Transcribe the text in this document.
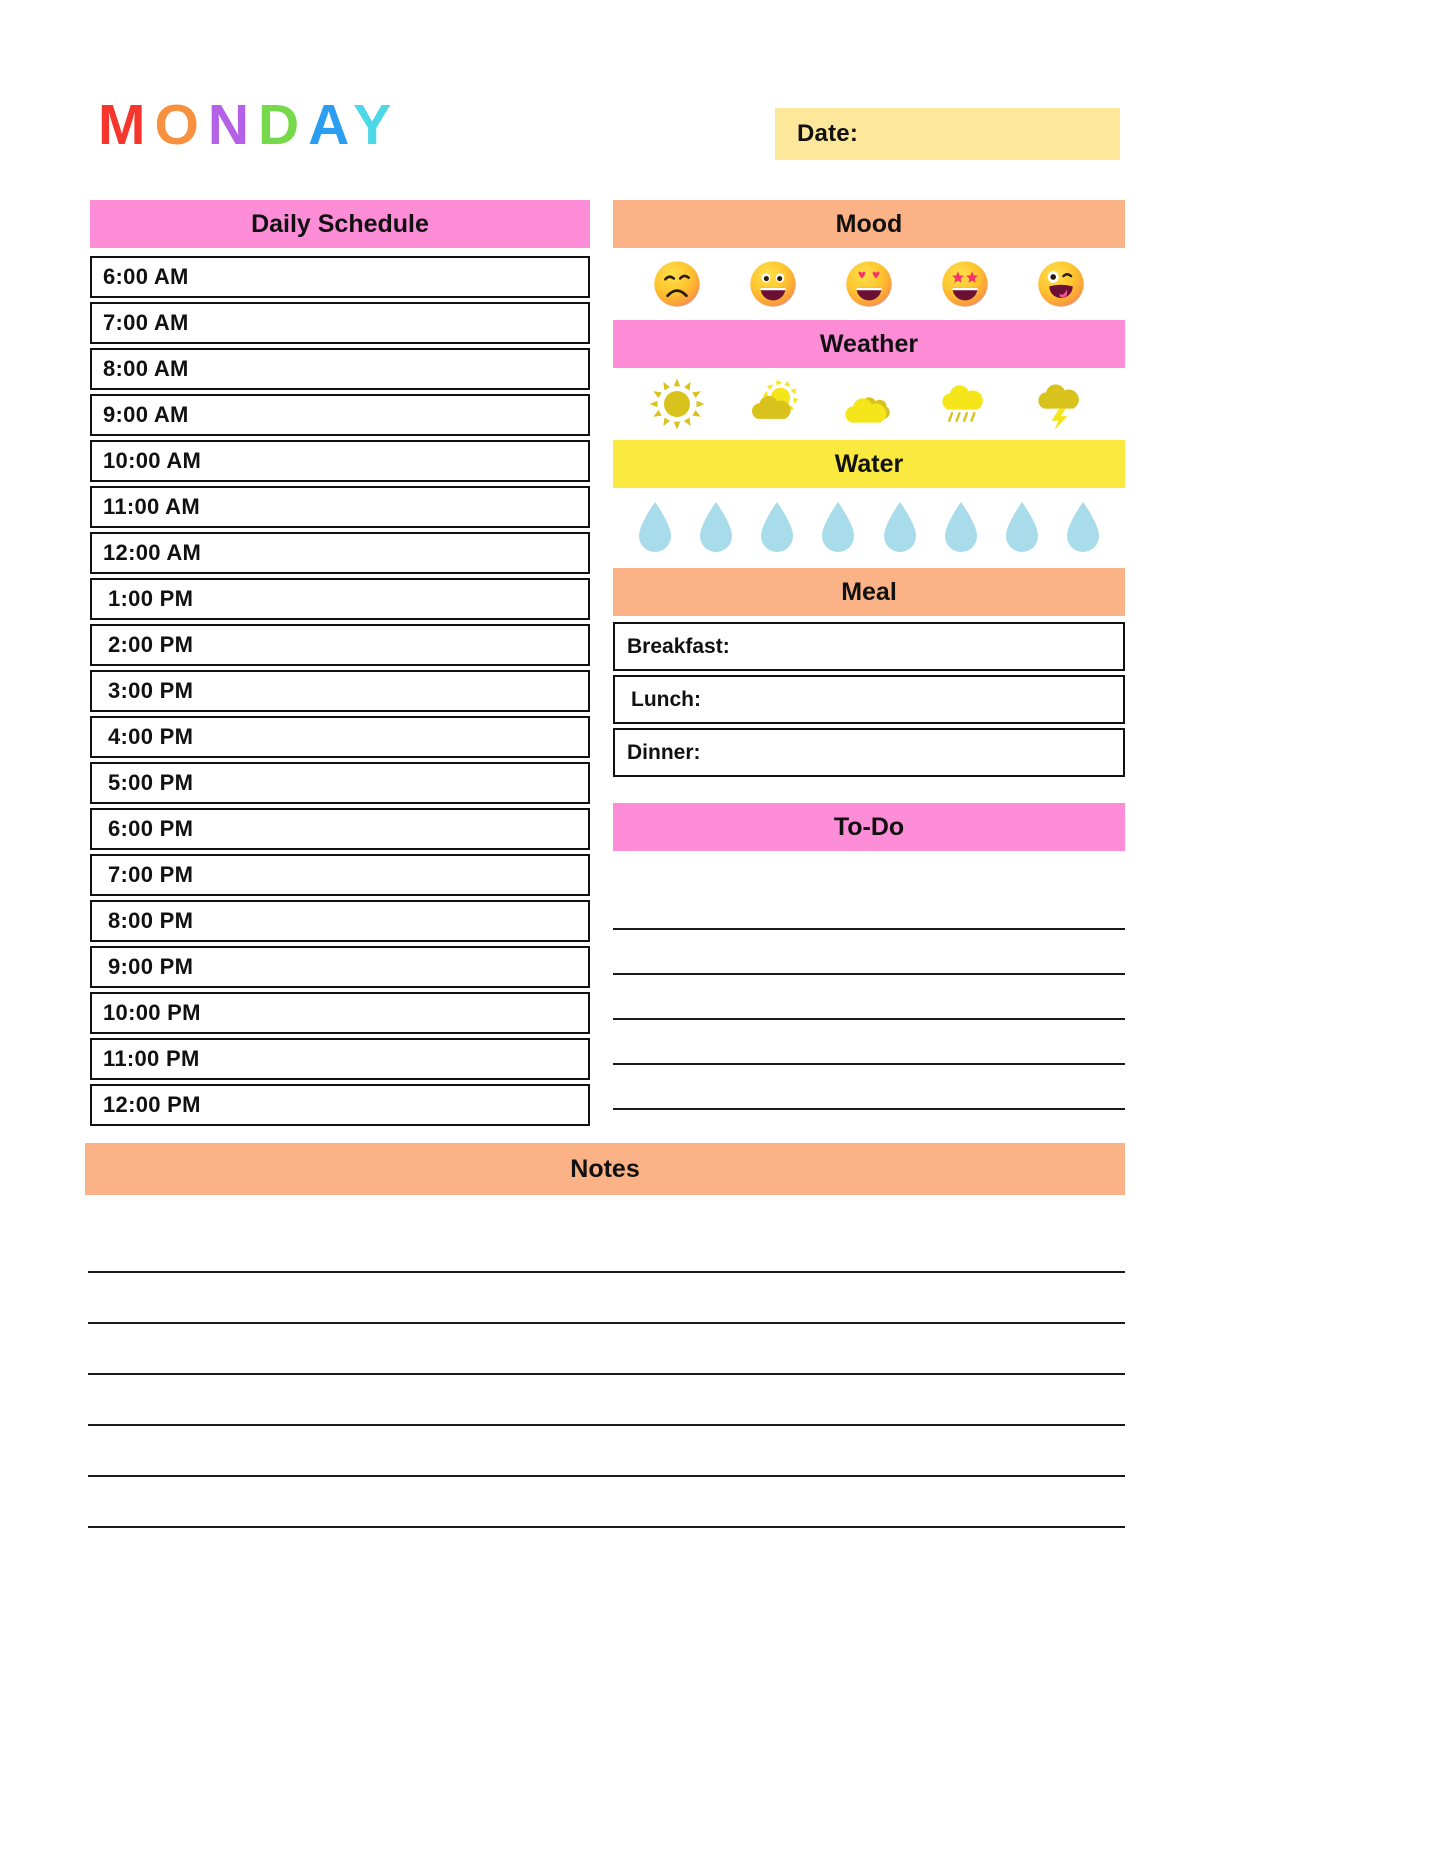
MONDAY	Date:
Daily Schedule
6:00 AM
7:00 AM
8:00 AM
9:00 AM
10:00 AM
11:00 AM
12:00 AM
1:00 PM
2:00 PM
3:00 PM
4:00 PM
5:00 PM
6:00 PM
7:00 PM
8:00 PM
9:00 PM
10:00 PM
11:00 PM
12:00 PM
Mood
Weather
Water
Meal
Breakfast:
Lunch:
Dinner:
To-Do
Notes
